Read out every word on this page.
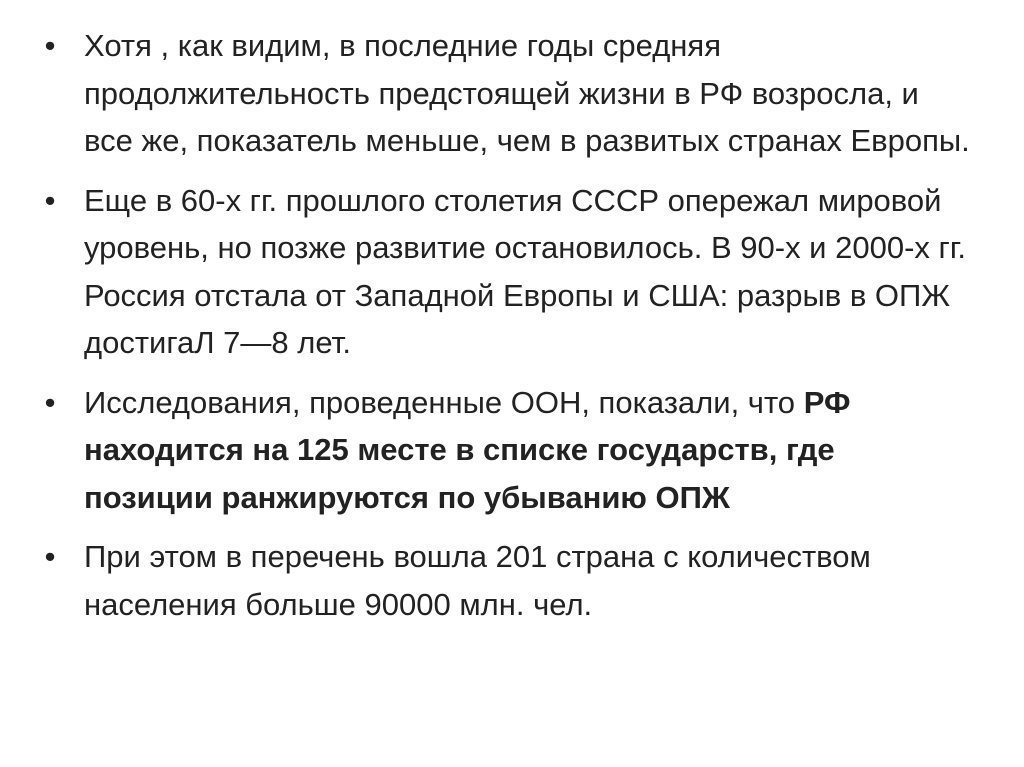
• Хотя , как видим, в последние годы средняя продолжительность предстоящей жизни в РФ возросла, и все же, показатель меньше, чем в развитых странах Европы.
• Еще в 60-х гг. прошлого столетия СССР опережал мировой уровень, но позже развитие остановилось. В 90-х и 2000-х гг. Россия отстала от Западной Европы и США: разрыв в ОПЖ достигаЛ 7—8 лет.
• Исследования, проведенные ООН, показали, что РФ находится на 125 месте в списке государств, где позиции ранжируются по убыванию ОПЖ
• При этом в перечень вошла 201 страна с количеством населения больше 90000 млн. чел.
